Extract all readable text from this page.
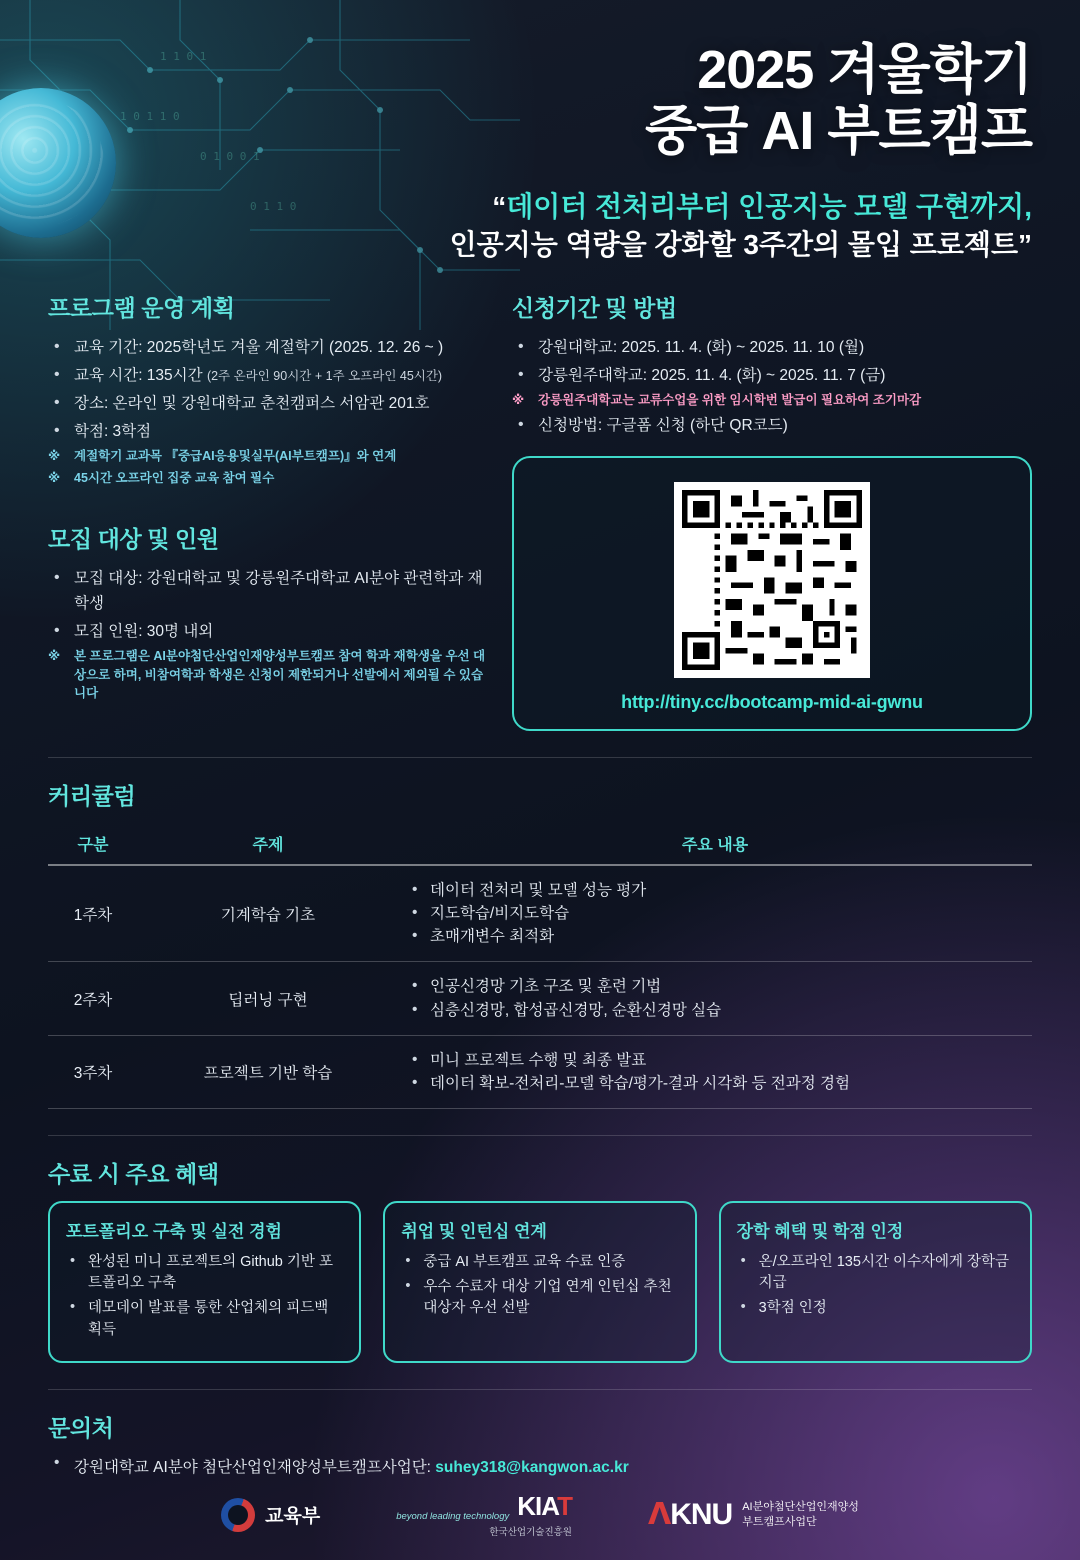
1 0 1 1 0
0 1 0 0 1
1 1 0 1
0 1 1 0
2025 겨울학기
중급 AI 부트캠프
“데이터 전처리부터 인공지능 모델 구현까지,
인공지능 역량을 강화할 3주간의 몰입 프로젝트”
프로그램 운영 계획
• 교육 기간: 2025학년도 겨울 계절학기 (2025. 12. 26 ~ )
• 교육 시간: 135시간 (2주 온라인 90시간 + 1주 오프라인 45시간)
• 장소: 온라인 및 강원대학교 춘천캠퍼스 서암관 201호
• 학점: 3학점
※ 계절학기 교과목 『중급AI응용및실무(AI부트캠프)』와 연계
※ 45시간 오프라인 집중 교육 참여 필수
모집 대상 및 인원
• 모집 대상: 강원대학교 및 강릉원주대학교 AI분야 관련학과 재학생
• 모집 인원: 30명 내외
※ 본 프로그램은 AI분야첨단산업인재양성부트캠프 참여 학과 재학생을 우선 대상으로 하며, 비참여학과 학생은 신청이 제한되거나 선발에서 제외될 수 있습니다
신청기간 및 방법
• 강원대학교: 2025. 11. 4. (화) ~ 2025. 11. 10 (월)
• 강릉원주대학교: 2025. 11. 4. (화) ~ 2025. 11. 7 (금)
※ 강릉원주대학교는 교류수업을 위한 임시학번 발급이 필요하여 조기마감
• 신청방법: 구글폼 신청 (하단 QR코드)
http://tiny.cc/bootcamp-mid-ai-gwnu
커리큘럼
구분	주제	주요 내용
1주차	기계학습 기초	
• 데이터 전처리 및 모델 성능 평가
• 지도학습/비지도학습
• 초매개변수 최적화

2주차	딥러닝 구현	
• 인공신경망 기초 구조 및 훈련 기법
• 심층신경망, 합성곱신경망, 순환신경망 실습

3주차	프로젝트 기반 학습	
• 미니 프로젝트 수행 및 최종 발표
• 데이터 확보-전처리-모델 학습/평가-결과 시각화 등 전과정 경험
수료 시 주요 혜택
포트폴리오 구축 및 실전 경험
• 완성된 미니 프로젝트의 Github 기반 포트폴리오 구축
• 데모데이 발표를 통한 산업체의 피드백 획득
취업 및 인턴십 연계
• 중급 AI 부트캠프 교육 수료 인증
• 우수 수료자 대상 기업 연계 인턴십 추천 대상자 우선 선발
장학 혜택 및 학점 인정
• 온/오프라인 135시간 이수자에게 장학금 지급
• 3학점 인정
문의처
• 강원대학교 AI분야 첨단산업인재양성부트캠프사업단: suhey318@kangwon.ac.kr
교육부	beyond leading technology KIAT
한국산업기술진흥원
ᐱKNU AI분야첨단산업인재양성
부트캠프사업단
